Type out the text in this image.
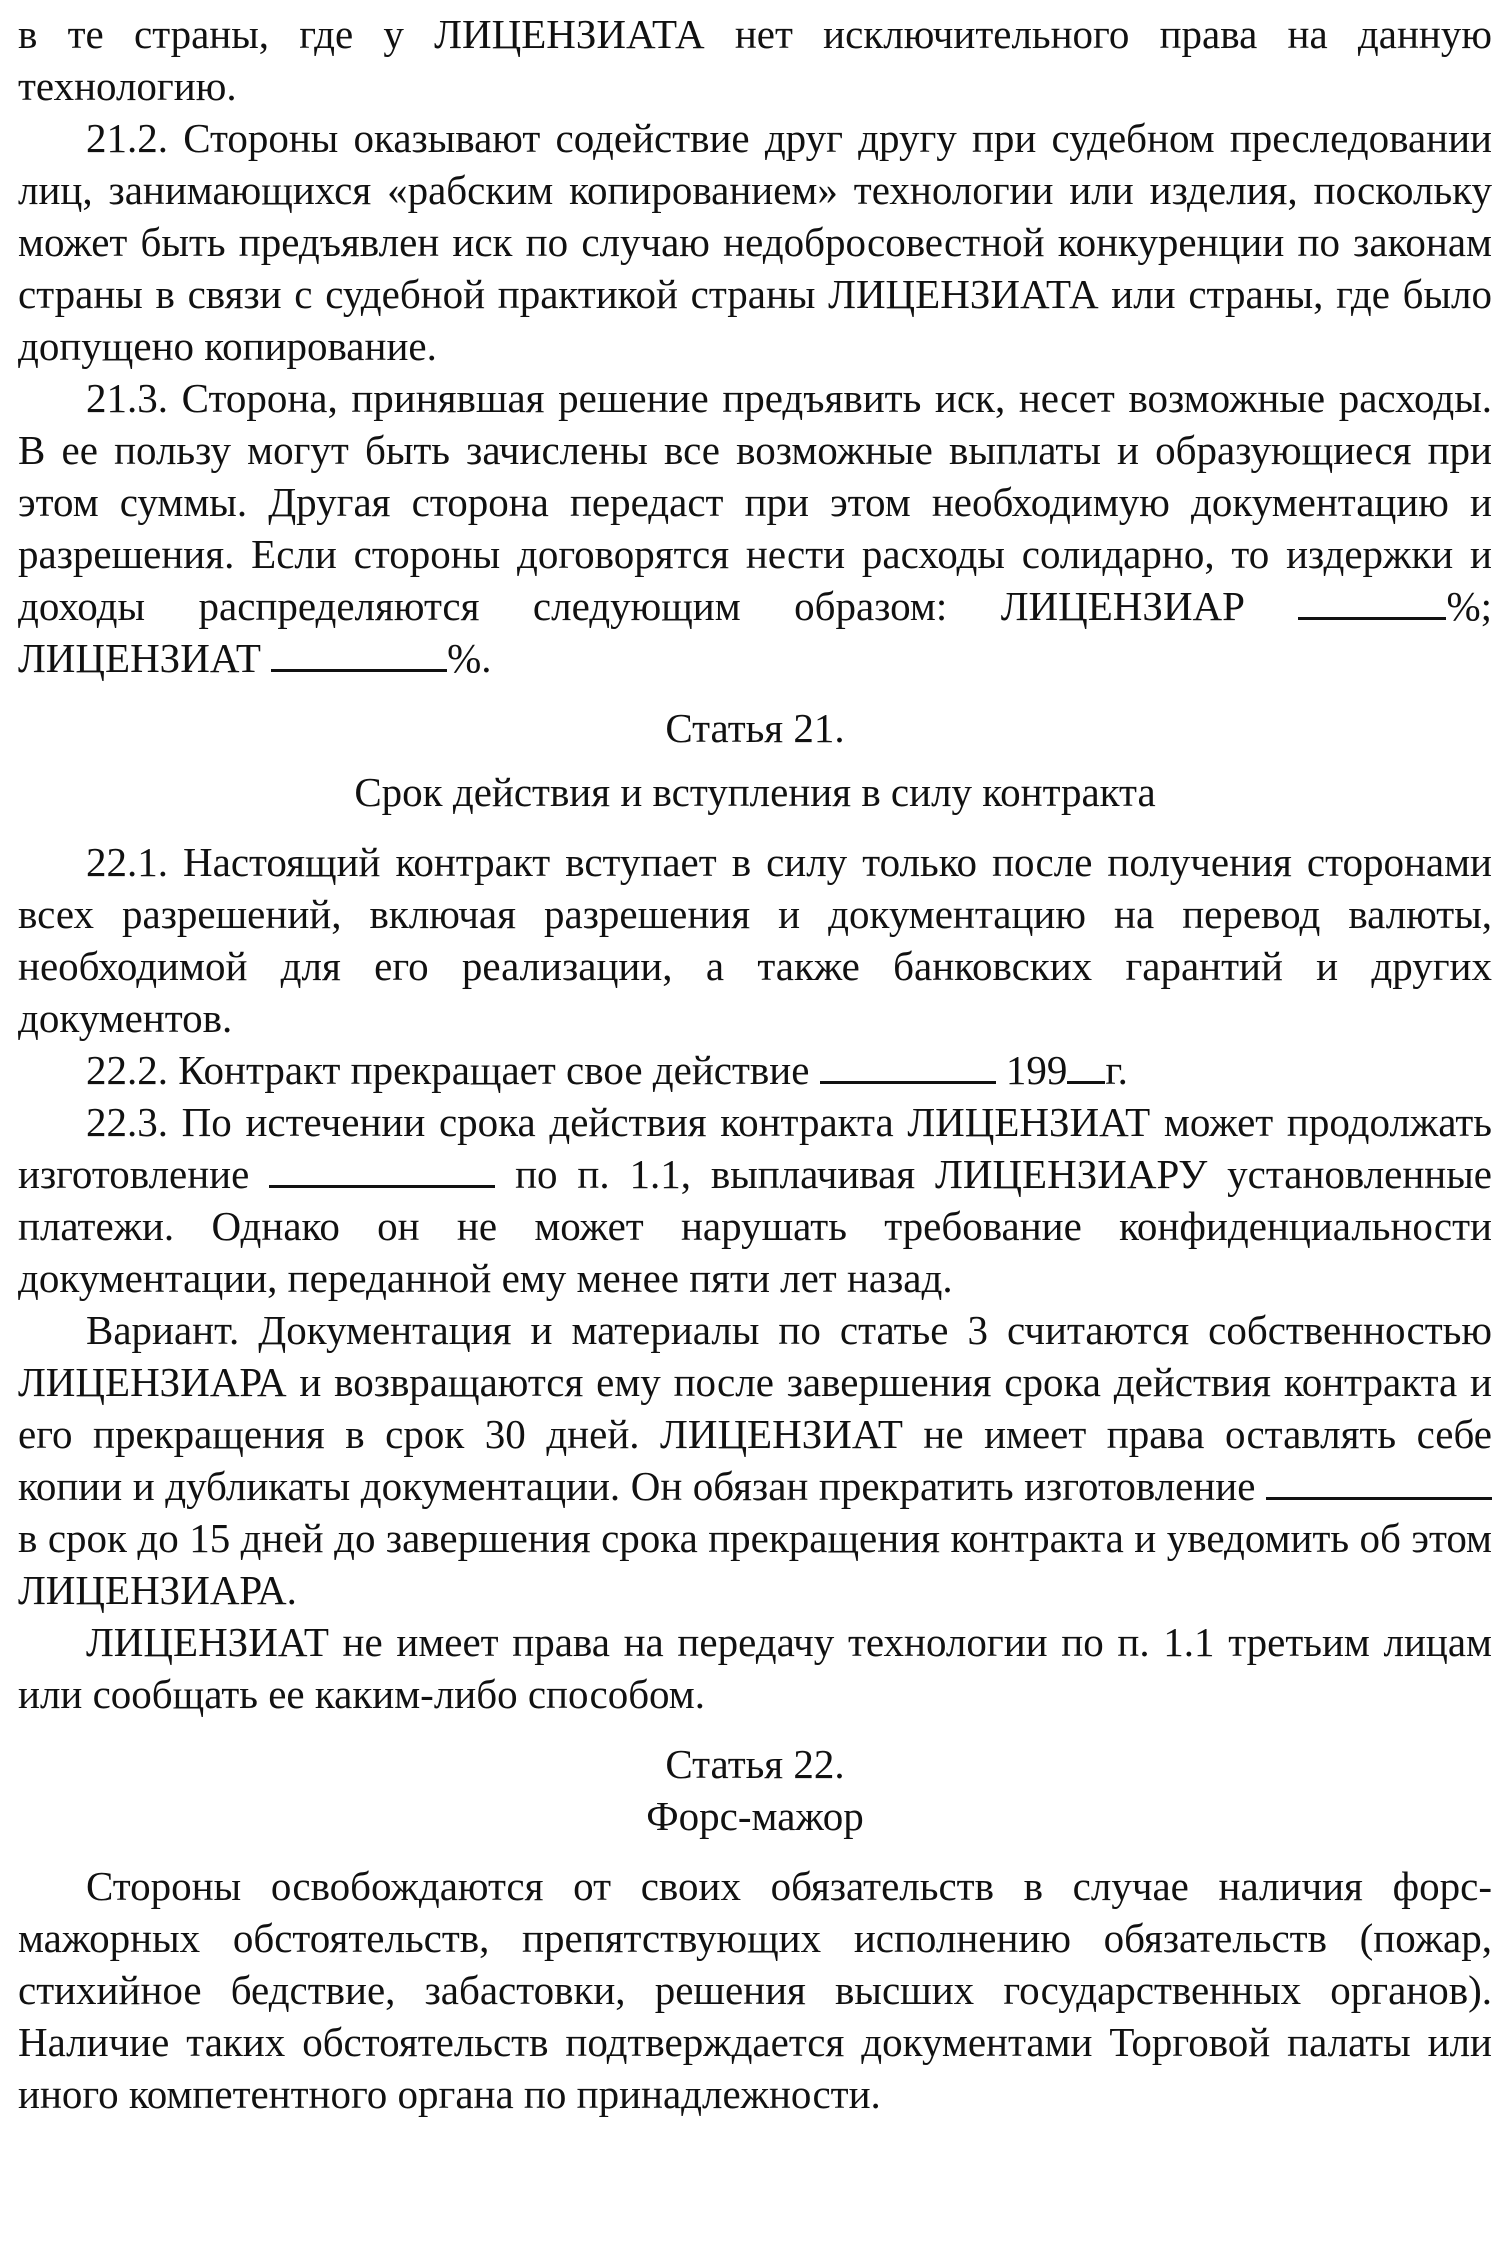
в те страны, где у ЛИЦЕНЗИАТА нет исключительного права на данную технологию.

21.2. Стороны оказывают содействие друг другу при судебном преследовании лиц, занимающихся «рабским копированием» технологии или изделия, поскольку может быть предъявлен иск по случаю недобросовестной конкуренции по законам страны в связи с судебной практикой страны ЛИЦЕНЗИАТА или страны, где было допущено копирование.

21.3. Сторона, принявшая решение предъявить иск, несет возможные расходы. В ее пользу могут быть зачислены все возможные выплаты и образующиеся при этом суммы. Другая сторона передаст при этом необходимую документацию и разрешения. Если стороны договорятся нести расходы солидарно, то издержки и доходы распределяются следующим образом: ЛИЦЕНЗИАР	%; ЛИЦЕНЗИАТ	%.

Статья 21.

Срок действия и вступления в силу контракта

22.1. Настоящий контракт вступает в силу только после получения сторонами всех разрешений, включая разрешения и документацию на перевод валюты, необходимой для его реализации, а также банковских гарантий и других документов.

22.2. Контракт прекращает свое действие	199 г.

22.3. По истечении срока действия контракта ЛИЦЕНЗИАТ может продолжать изготовление	по п. 1.1, выплачивая ЛИЦЕНЗИАРУ установленные платежи. Однако он не может нарушать требование конфиденциальности документации, переданной ему менее пяти лет назад.

Вариант. Документация и материалы по статье 3 считаются собственностью ЛИЦЕНЗИАРА и возвращаются ему после завершения срока действия контракта и его прекращения в срок 30 дней. ЛИЦЕНЗИАТ не имеет права оставлять себе копии и дубликаты документации. Он обязан прекратить изготовление  в срок до 15 дней до завершения срока прекращения контракта и уведомить об этом ЛИЦЕНЗИАРА.

ЛИЦЕНЗИАТ не имеет права на передачу технологии по п. 1.1 третьим лицам или сообщать ее каким-либо способом.

Статья 22.

Форс-мажор

Стороны освобождаются от своих обязательств в случае наличия форс-мажорных обстоятельств, препятствующих исполнению обязательств (пожар, стихийное бедствие, забастовки, решения высших государственных органов). Наличие таких обстоятельств подтверждается документами Торговой палаты или иного компетентного органа по принадлежности.
